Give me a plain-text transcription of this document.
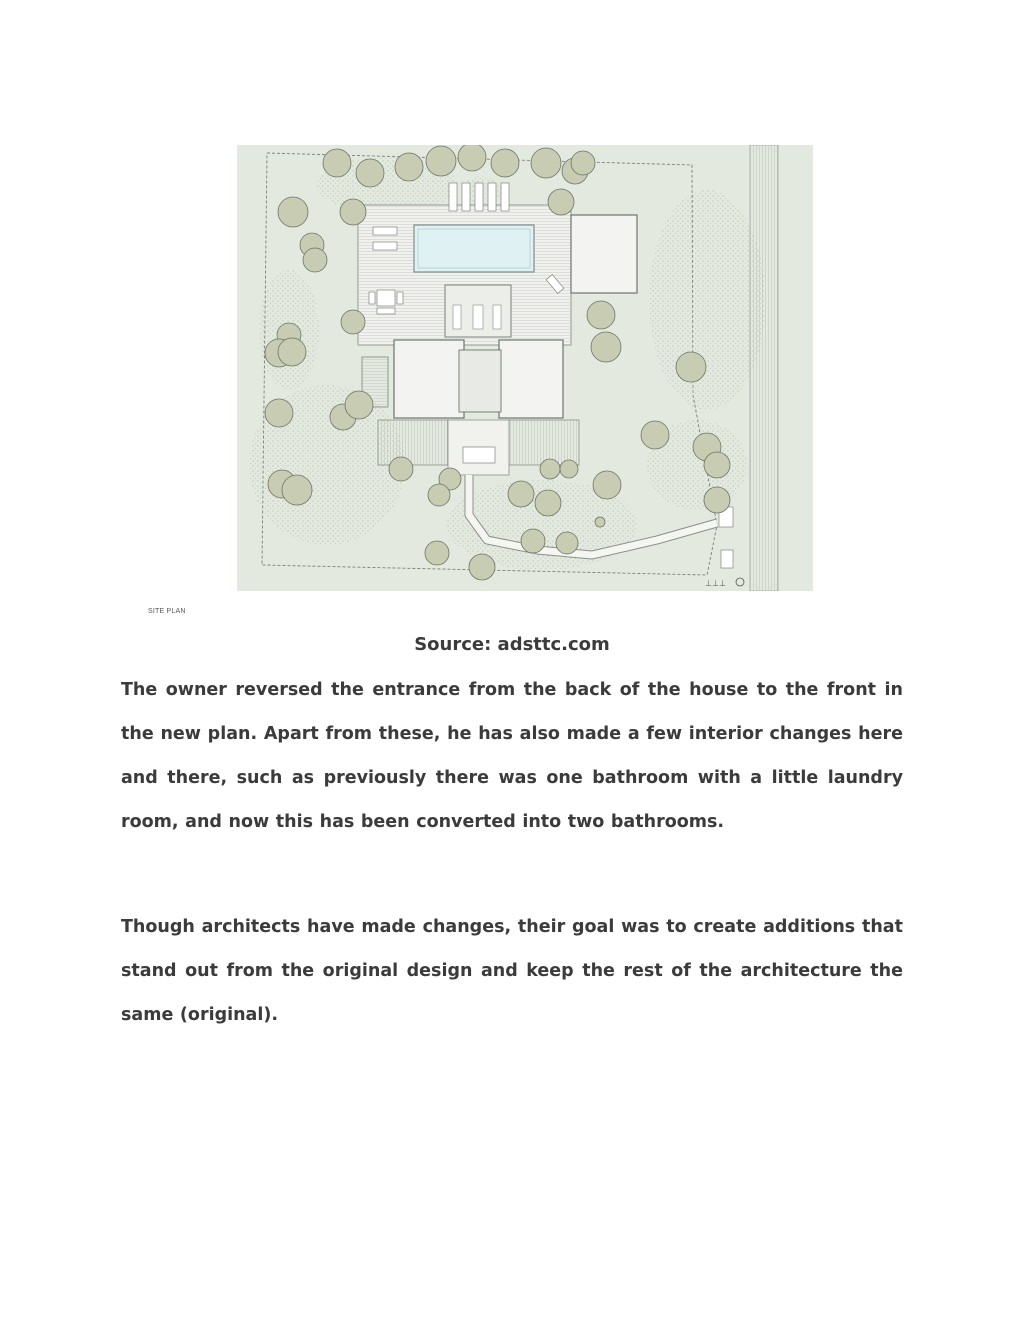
⊥⊥⊥
SITE PLAN
Source: adsttc.com

The owner reversed the entrance from the back of the house to the front in the new plan. Apart from these, he has also made a few interior changes here and there, such as previously there was one bathroom with a little laundry room, and now this has been converted into two bathrooms.

Though architects have made changes, their goal was to create additions that stand out from the original design and keep the rest of the architecture the same (original).
